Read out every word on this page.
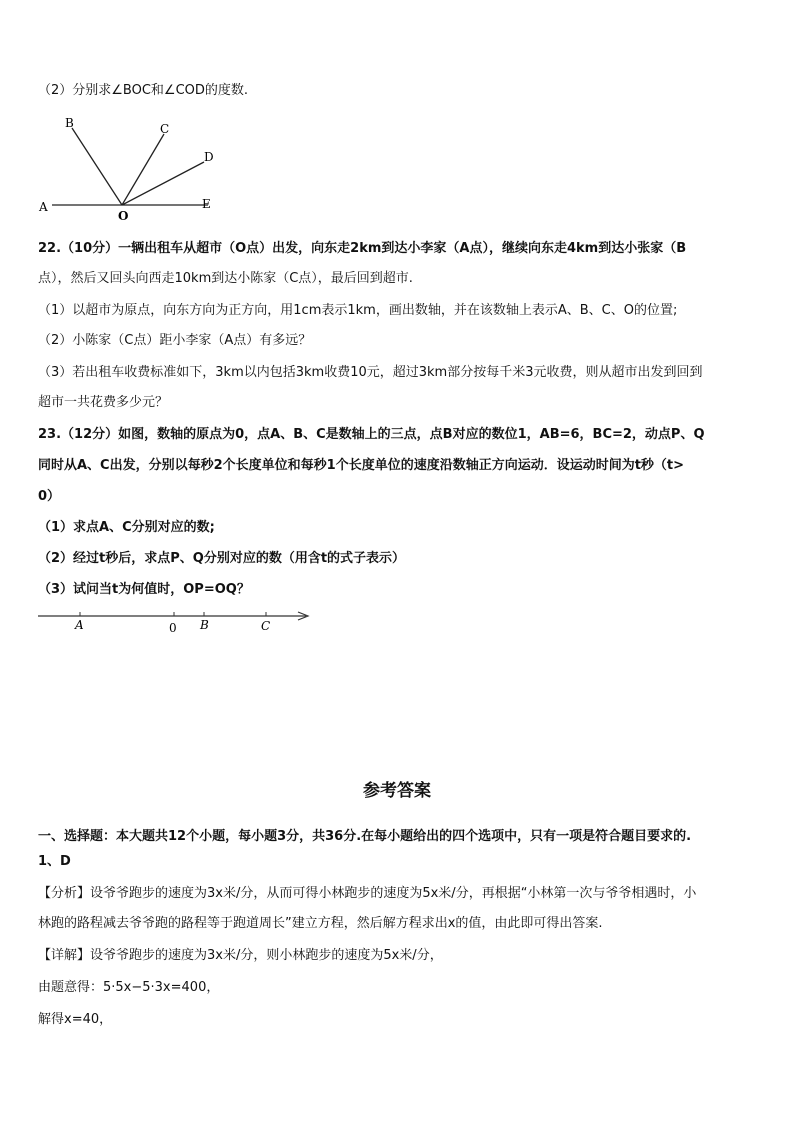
（2）分别求∠BOC和∠COD的度数.
A
B	C
D
E
O
22.（10分）一辆出租车从超市（O点）出发，向东走2km到达小李家（A点），继续向东走4km到达小张家（B
点），然后又回头向西走10km到达小陈家（C点），最后回到超市.
（1）以超市为原点，向东方向为正方向，用1cm表示1km，画出数轴，并在该数轴上表示A、B、C、O的位置;
（2）小陈家（C点）距小李家（A点）有多远？
（3）若出租车收费标准如下，3km以内包括3km收费10元，超过3km部分按每千米3元收费，则从超市出发到回到
超市一共花费多少元？
23.（12分）如图，数轴的原点为0，点A、B、C是数轴上的三点，点B对应的数位1，AB=6，BC=2，动点P、Q
同时从A、C出发，分别以每秒2个长度单位和每秒1个长度单位的速度沿数轴正方向运动．设运动时间为t秒（t>
0）
（1）求点A、C分别对应的数;
（2）经过t秒后，求点P、Q分别对应的数（用含t的式子表示）
（3）试问当t为何值时，OP=OQ？
A	0 B	C
参考答案
一、选择题：本大题共12个小题，每小题3分，共36分.在每小题给出的四个选项中，只有一项是符合题目要求的.
1、D
【分析】设爷爷跑步的速度为3x米/分，从而可得小林跑步的速度为5x米/分，再根据“小林第一次与爷爷相遇时，小
林跑的路程减去爷爷跑的路程等于跑道周长”建立方程，然后解方程求出x的值，由此即可得出答案.
【详解】设爷爷跑步的速度为3x米/分，则小林跑步的速度为5x米/分，
由题意得：5·5x−5·3x=400，
解得x=40，
